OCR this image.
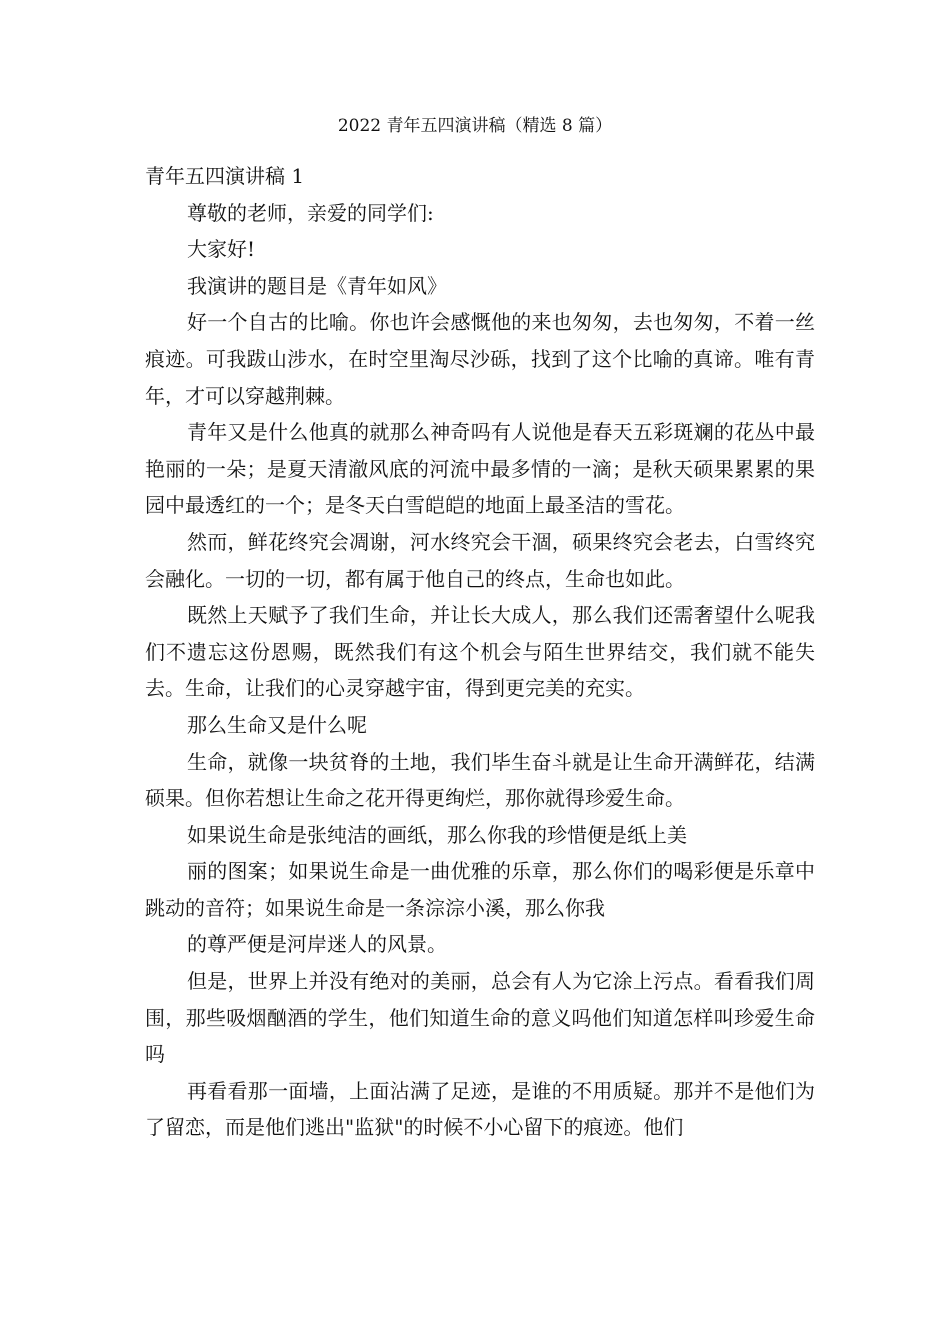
2022 青年五四演讲稿（精选 8 篇）

青年五四演讲稿 1

尊敬的老师，亲爱的同学们:

大家好!

我演讲的题目是《青年如风》

好一个自古的比喻。你也许会感慨他的来也匆匆，去也匆匆，不着一丝痕迹。可我跋山涉水，在时空里淘尽沙砾，找到了这个比喻的真谛。唯有青年，才可以穿越荆棘。

青年又是什么他真的就那么神奇吗有人说他是春天五彩斑斓的花丛中最艳丽的一朵；是夏天清澈风底的河流中最多情的一滴；是秋天硕果累累的果园中最透红的一个；是冬天白雪皑皑的地面上最圣洁的雪花。

然而，鲜花终究会凋谢，河水终究会干涸，硕果终究会老去，白雪终究会融化。一切的一切，都有属于他自己的终点，生命也如此。

既然上天赋予了我们生命，并让长大成人，那么我们还需奢望什么呢我们不遗忘这份恩赐，既然我们有这个机会与陌生世界结交，我们就不能失去。生命，让我们的心灵穿越宇宙，得到更完美的充实。

那么生命又是什么呢

生命，就像一块贫脊的土地，我们毕生奋斗就是让生命开满鲜花，结满硕果。但你若想让生命之花开得更绚烂，那你就得珍爱生命。

如果说生命是张纯洁的画纸，那么你我的珍惜便是纸上美

丽的图案；如果说生命是一曲优雅的乐章，那么你们的喝彩便是乐章中跳动的音符；如果说生命是一条淙淙小溪，那么你我

的尊严便是河岸迷人的风景。

但是，世界上并没有绝对的美丽，总会有人为它涂上污点。看看我们周围，那些吸烟酗酒的学生，他们知道生命的意义吗他们知道怎样叫珍爱生命吗

再看看那一面墙，上面沾满了足迹，是谁的不用质疑。那并不是他们为了留恋，而是他们逃出"监狱"的时候不小心留下的痕迹。他们
